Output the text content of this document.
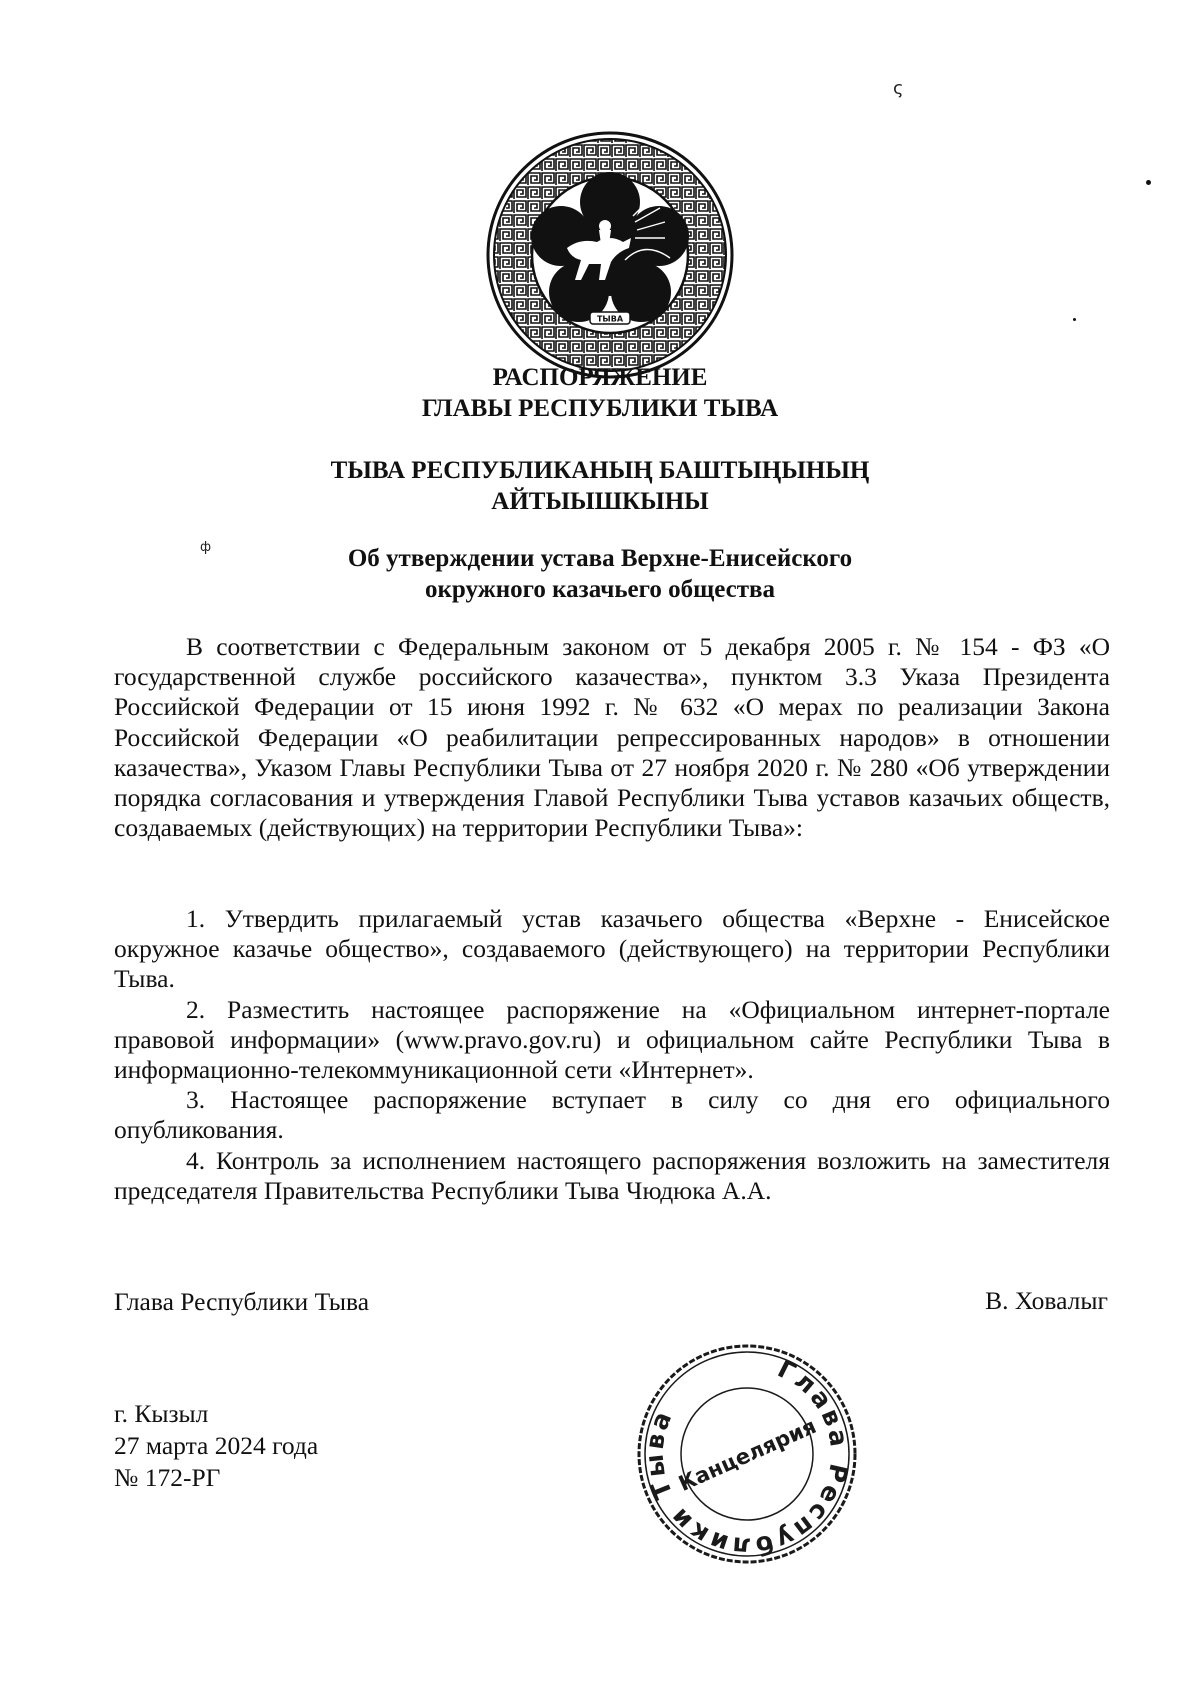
ς
ф
ТЫВА
РАСПОРЯЖЕНИЕ
ГЛАВЫ РЕСПУБЛИКИ ТЫВА
ТЫВА РЕСПУБЛИКАНЫҢ БАШТЫҢЫНЫҢ
АЙТЫЫШКЫНЫ
Об утверждении устава Верхне-Енисейского
окружного казачьего общества

В соответствии с Федеральным законом от 5 декабря 2005 г. № 154 - ФЗ «О государственной службе российского казачества», пунктом 3.3 Указа Президента Российской Федерации от 15 июня 1992 г. № 632 «О мерах по реализации Закона Российской Федерации «О реабилитации репрессированных народов» в отношении казачества», Указом Главы Республики Тыва от 27 ноября 2020 г. № 280 «Об утверждении порядка согласования и утверждения Главой Республики Тыва уставов казачьих обществ, создаваемых (действующих) на территории Республики Тыва»:

1. Утвердить прилагаемый устав казачьего общества «Верхне - Енисейское окружное казачье общество», создаваемого (действующего) на территории Республики Тыва.

2. Разместить настоящее распоряжение на «Официальном интернет-портале правовой информации» (www.pravo.gov.ru) и официальном сайте Республики Тыва в информационно-телекоммуникационной сети «Интернет».

3. Настоящее распоряжение вступает в силу со дня его официального опубликования.

4. Контроль за исполнением настоящего распоряжения возложить на заместителя председателя Правительства Республики Тыва Чюдюка А.А.

Глава Республики Тыва	В. Ховалыг
г. Кызыл
27 марта 2024 года
№ 172-РГ
Глава Республики Тыва
Канцелярия
